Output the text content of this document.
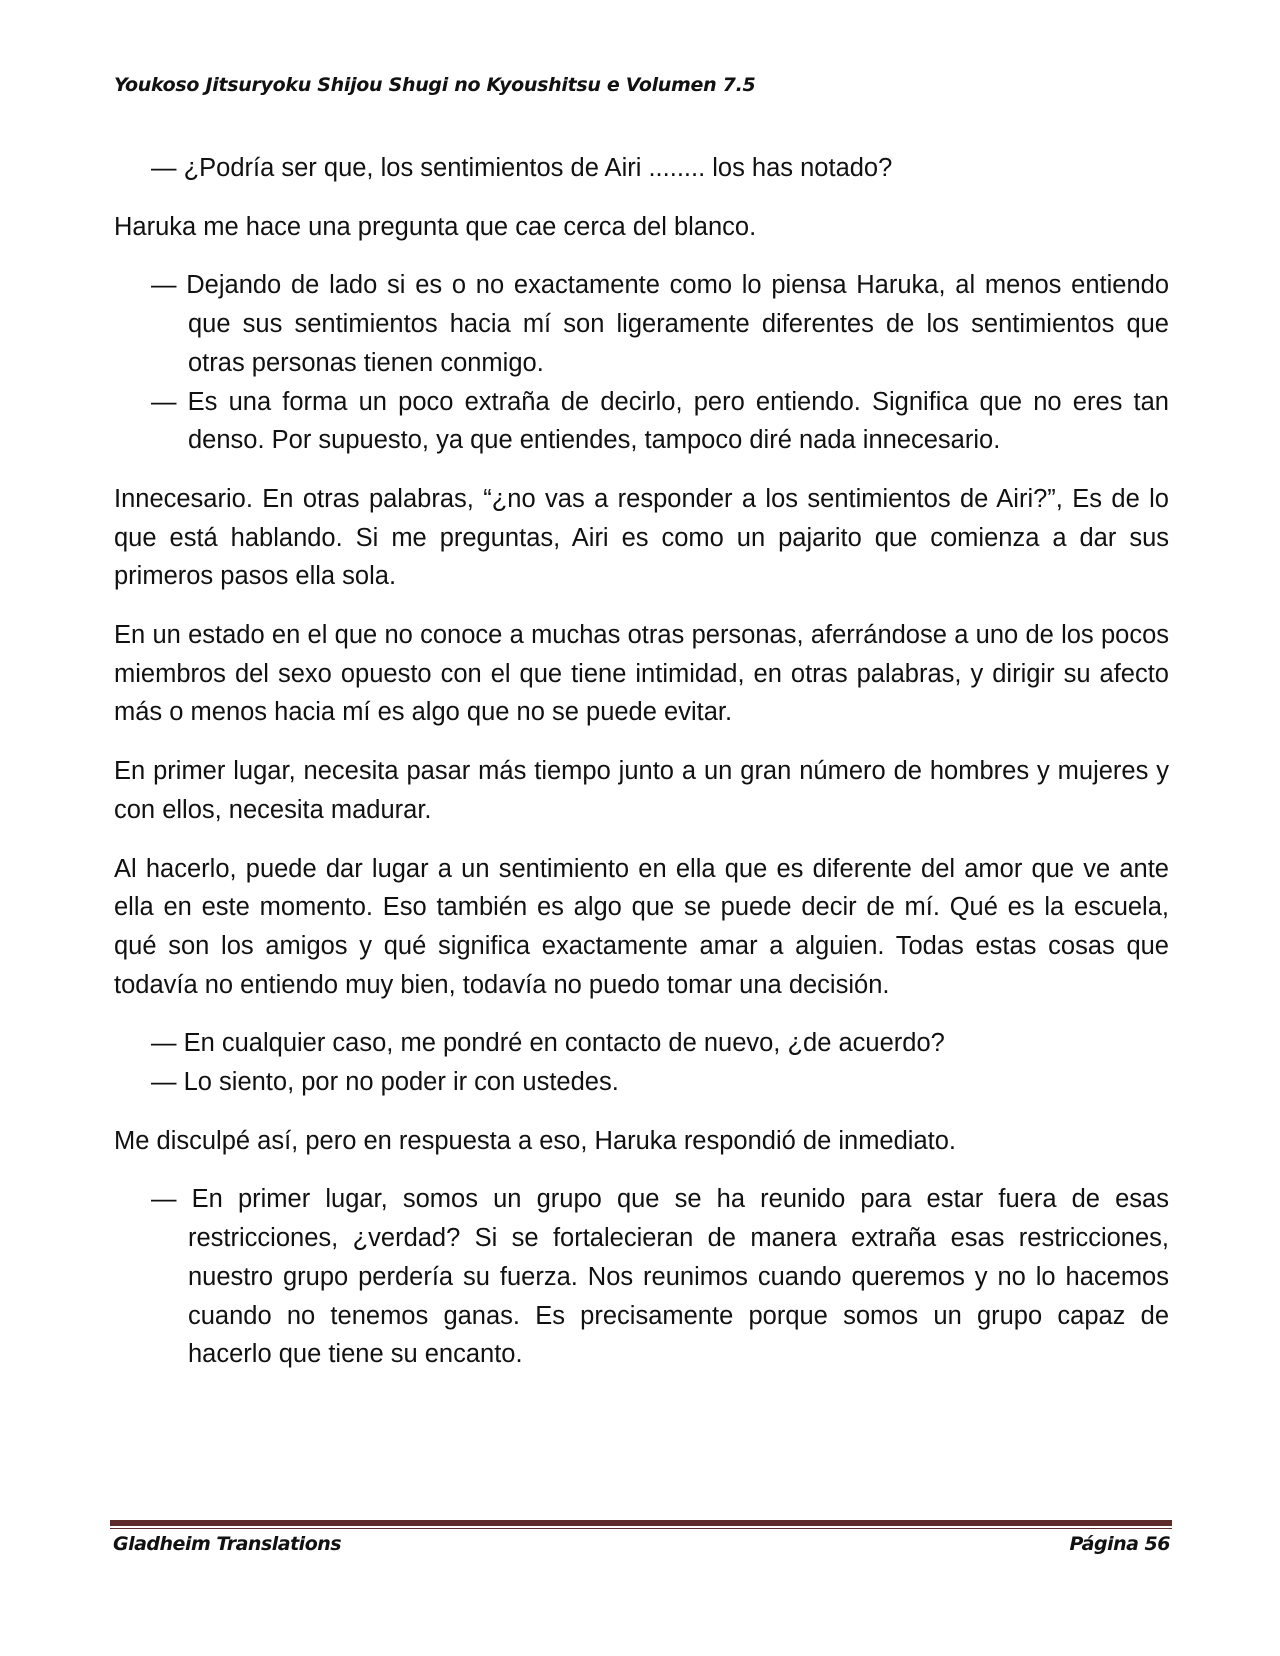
Youkoso Jitsuryoku Shijou Shugi no Kyoushitsu e Volumen 7.5

— ¿Podría ser que, los sentimientos de Airi ........ los has notado?

Haruka me hace una pregunta que cae cerca del blanco.

— Dejando de lado si es o no exactamente como lo piensa Haruka, al menos entiendo que sus sentimientos hacia mí son ligeramente diferentes de los sentimientos que otras personas tienen conmigo.

— Es una forma un poco extraña de decirlo, pero entiendo. Significa que no eres tan denso. Por supuesto, ya que entiendes, tampoco diré nada innecesario.

Innecesario. En otras palabras, “¿no vas a responder a los sentimientos de Airi?”, Es de lo que está hablando. Si me preguntas, Airi es como un pajarito que comienza a dar sus primeros pasos ella sola.

En un estado en el que no conoce a muchas otras personas, aferrándose a uno de los pocos miembros del sexo opuesto con el que tiene intimidad, en otras palabras, y dirigir su afecto más o menos hacia mí es algo que no se puede evitar.

En primer lugar, necesita pasar más tiempo junto a un gran número de hombres y mujeres y con ellos, necesita madurar.

Al hacerlo, puede dar lugar a un sentimiento en ella que es diferente del amor que ve ante ella en este momento. Eso también es algo que se puede decir de mí. Qué es la escuela, qué son los amigos y qué significa exactamente amar a alguien. Todas estas cosas que todavía no entiendo muy bien, todavía no puedo tomar una decisión.

— En cualquier caso, me pondré en contacto de nuevo, ¿de acuerdo?

— Lo siento, por no poder ir con ustedes.

Me disculpé así, pero en respuesta a eso, Haruka respondió de inmediato.

— En primer lugar, somos un grupo que se ha reunido para estar fuera de esas restricciones, ¿verdad? Si se fortalecieran de manera extraña esas restricciones, nuestro grupo perdería su fuerza. Nos reunimos cuando queremos y no lo hacemos cuando no tenemos ganas. Es precisamente porque somos un grupo capaz de hacerlo que tiene su encanto.

Gladheim Translations	Página 56
